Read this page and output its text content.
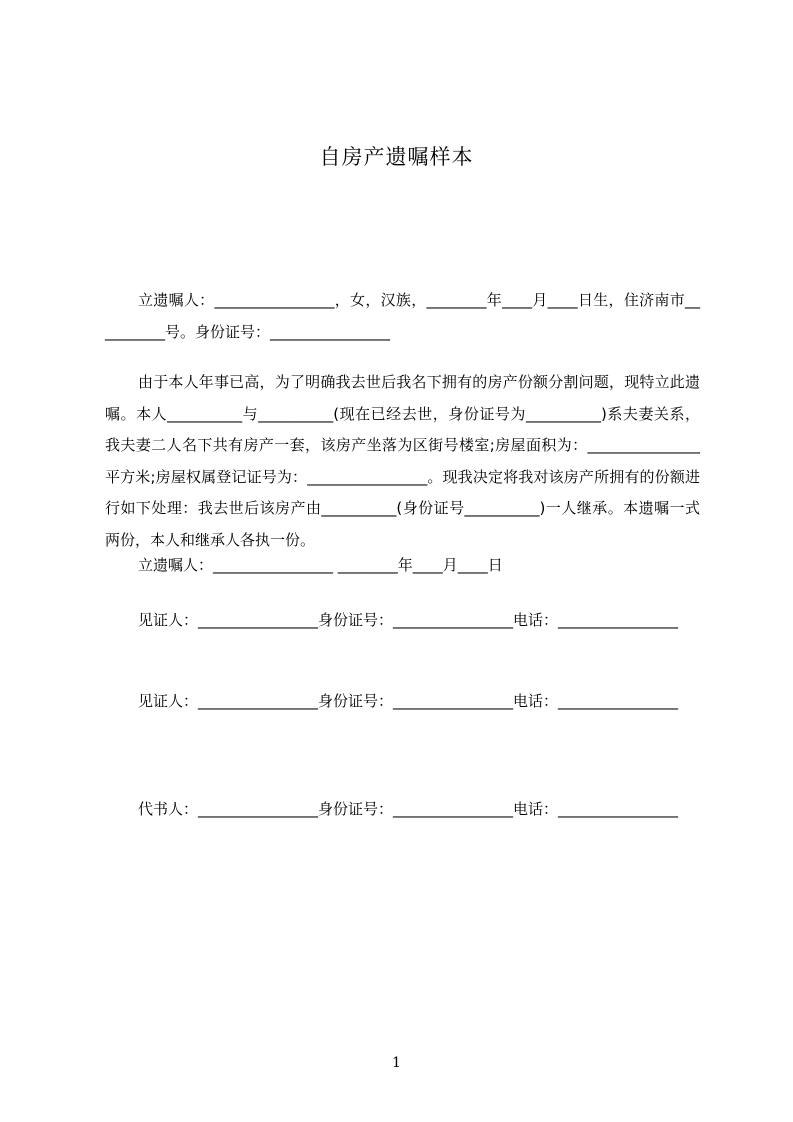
自房产遗嘱样本
立遗嘱人：________________，女，汉族，________年____月____日生，住济南市__________号。身份证号：________________
由于本人年事已高，为了明确我去世后我名下拥有的房产份额分割问题，现特立此遗嘱。本人__________与__________(现在已经去世，身份证号为__________)系夫妻关系，我夫妻二人名下共有房产一套，该房产坐落为区街号楼室;房屋面积为：_______________平方米;房屋权属登记证号为：________________。现我决定将我对该房产所拥有的份额进行如下处理：我去世后该房产由__________(身份证号__________)一人继承。本遗嘱一式两份，本人和继承人各执一份。
立遗嘱人：________________ ________年____月____日
见证人：________________身份证号：________________电话：________________
见证人：________________身份证号：________________电话：________________
代书人：________________身份证号：________________电话：________________
1
